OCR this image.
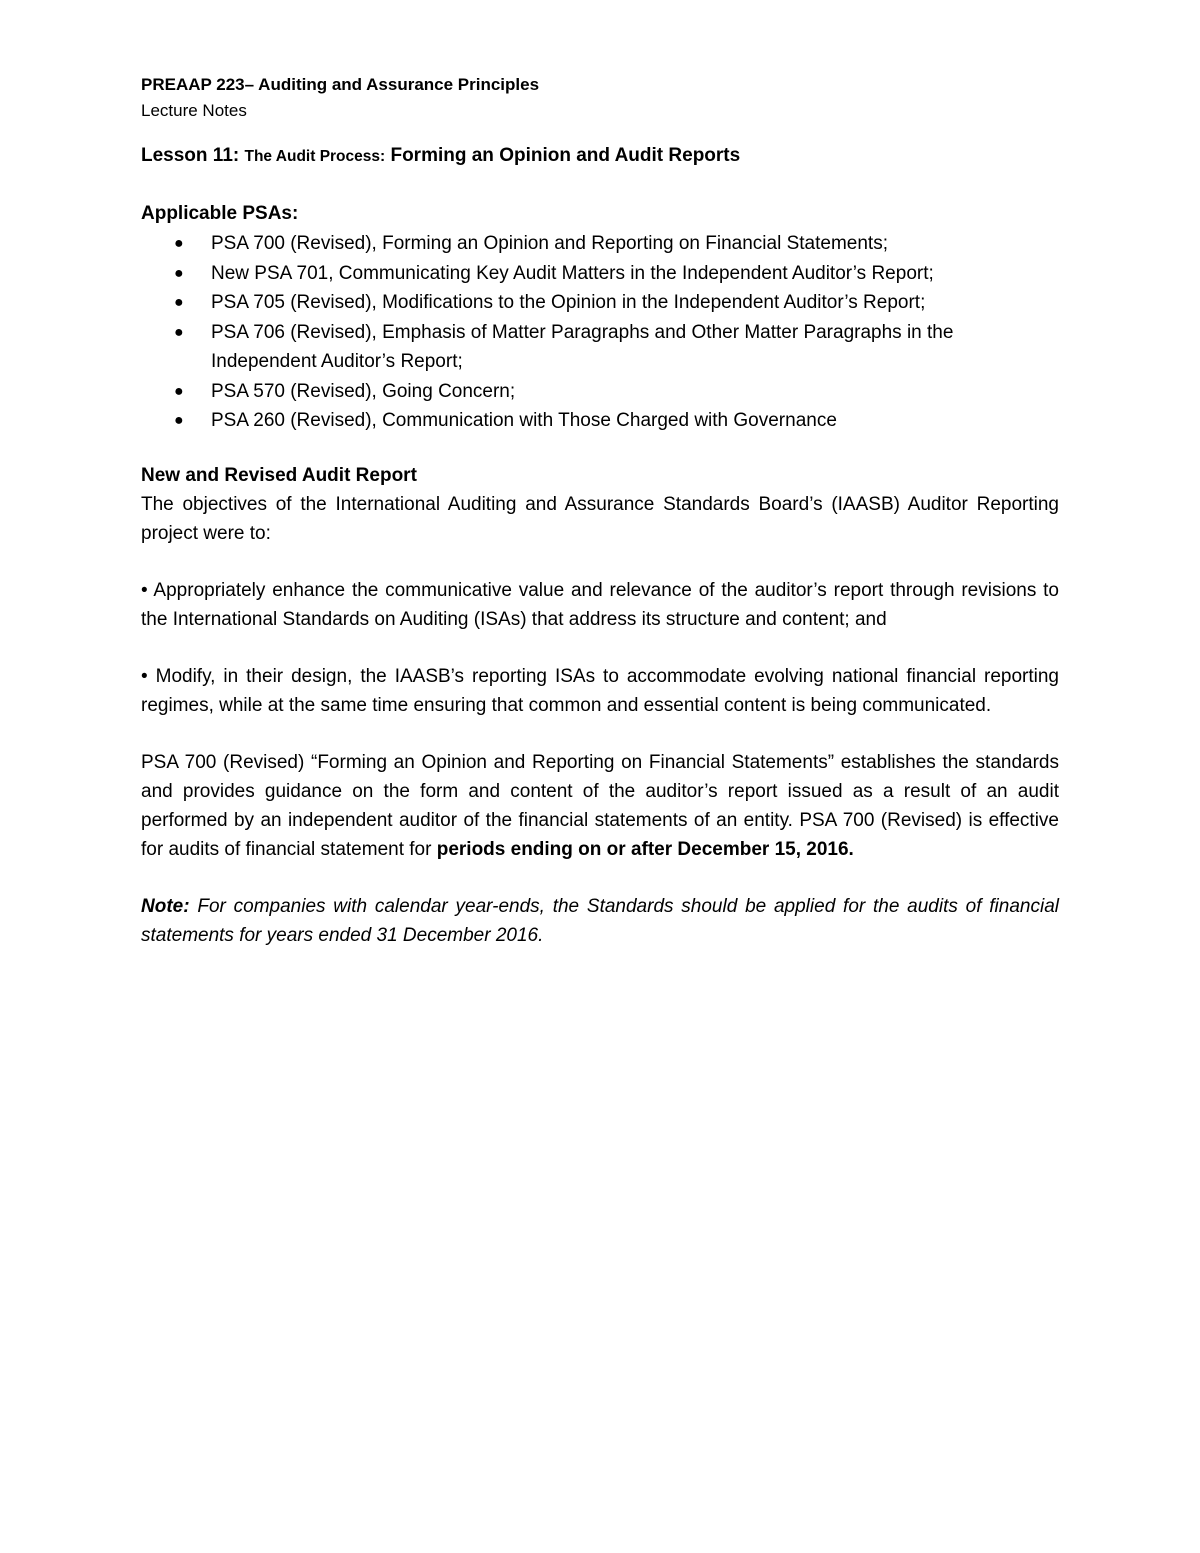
PREAAP 223– Auditing and Assurance Principles

Lecture Notes

Lesson 11: The Audit Process: Forming an Opinion and Audit Reports

Applicable PSAs:

● PSA 700 (Revised), Forming an Opinion and Reporting on Financial Statements;
● New PSA 701, Communicating Key Audit Matters in the Independent Auditor’s Report;
● PSA 705 (Revised), Modifications to the Opinion in the Independent Auditor’s Report;
● PSA 706 (Revised), Emphasis of Matter Paragraphs and Other Matter Paragraphs in the Independent Auditor’s Report;
● PSA 570 (Revised), Going Concern;
● PSA 260 (Revised), Communication with Those Charged with Governance

New and Revised Audit Report

The objectives of the International Auditing and Assurance Standards Board’s (IAASB) Auditor Reporting project were to:

• Appropriately enhance the communicative value and relevance of the auditor’s report through revisions to the International Standards on Auditing (ISAs) that address its structure and content; and

• Modify, in their design, the IAASB’s reporting ISAs to accommodate evolving national financial reporting regimes, while at the same time ensuring that common and essential content is being communicated.

PSA 700 (Revised) “Forming an Opinion and Reporting on Financial Statements” establishes the standards and provides guidance on the form and content of the auditor’s report issued as a result of an audit performed by an independent auditor of the financial statements of an entity. PSA 700 (Revised) is effective for audits of financial statement for periods ending on or after December 15, 2016.

Note: For companies with calendar year-ends, the Standards should be applied for the audits of financial statements for years ended 31 December 2016.
